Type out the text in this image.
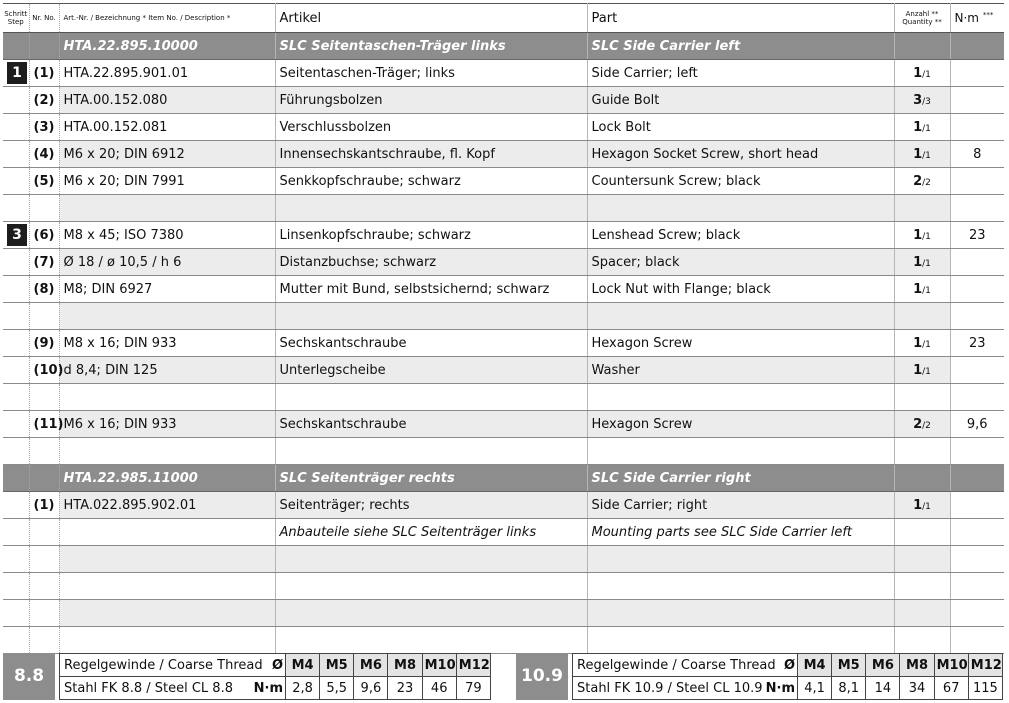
Schritt Step	Nr. No.	Art.-Nr. / Bezeichnung * Item No. / Description *	Artikel	Part	Anzahl ** Quantity **	N·m ***
		HTA.22.895.10000	SLC Seitentaschen-Träger links	SLC Side Carrier left		
1	(1)	HTA.22.895.901.01	Seitentaschen-Träger; links	Side Carrier; left	1/1	
	(2)	HTA.00.152.080	Führungsbolzen	Guide Bolt	3/3	
	(3)	HTA.00.152.081	Verschlussbolzen	Lock Bolt	1/1	
	(4)	M6 x 20; DIN 6912	Innensechskantschraube, fl. Kopf	Hexagon Socket Screw, short head	1/1	8
	(5)	M6 x 20; DIN 7991	Senkkopfschraube; schwarz	Countersunk Screw; black	2/2	

3	(6)	M8 x 45; ISO 7380	Linsenkopfschraube; schwarz	Lenshead Screw; black	1/1	23
	(7)	Ø 18 / ø 10,5 / h 6	Distanzbuchse; schwarz	Spacer; black	1/1	
	(8)	M8; DIN 6927	Mutter mit Bund, selbstsichernd; schwarz	Lock Nut with Flange; black	1/1	

	(9)	M8 x 16; DIN 933	Sechskantschraube	Hexagon Screw	1/1	23
	(10)	d 8,4; DIN 125	Unterlegscheibe	Washer	1/1	

	(11)	M6 x 16; DIN 933	Sechskantschraube	Hexagon Screw	2/2	9,6

		HTA.22.985.11000	SLC Seitenträger rechts	SLC Side Carrier right		
	(1)	HTA.022.895.902.01	Seitenträger; rechts	Side Carrier; right	1/1	
			Anbauteile siehe SLC Seitenträger links	Mounting parts see SLC Side Carrier left		

8.8
Regelgewinde / Coarse Thread Ø	M4	M5	M6	M8	M10	M12
Stahl FK 8.8 / Steel CL 8.8 N·m	2,8	5,5	9,6	23	46	79
10.9
Regelgewinde / Coarse Thread Ø	M4	M5	M6	M8	M10	M12
Stahl FK 10.9 / Steel CL 10.9 N·m	4,1	8,1	14	34	67	115
